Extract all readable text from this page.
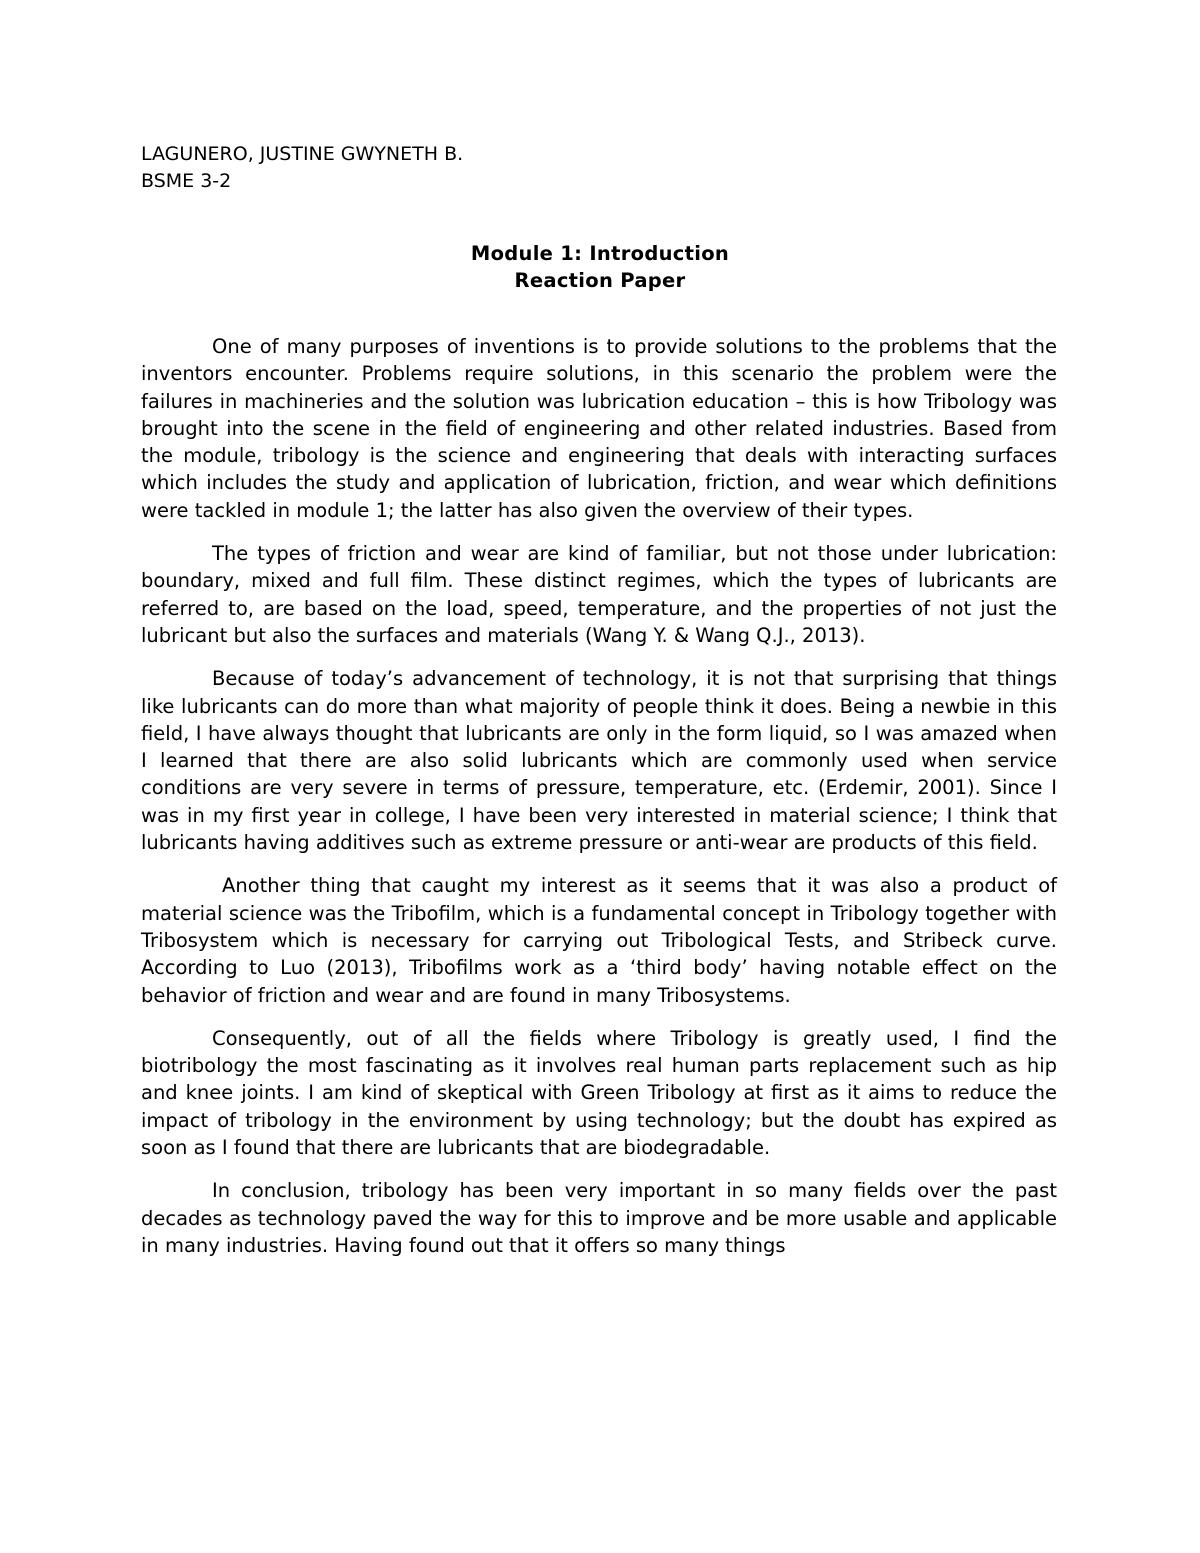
LAGUNERO, JUSTINE GWYNETH B.
BSME 3-2
Module 1: Introduction
Reaction Paper

One of many purposes of inventions is to provide solutions to the problems that the inventors encounter. Problems require solutions, in this scenario the problem were the failures in machineries and the solution was lubrication education – this is how Tribology was brought into the scene in the field of engineering and other related industries. Based from the module, tribology is the science and engineering that deals with interacting surfaces which includes the study and application of lubrication, friction, and wear which definitions were tackled in module 1; the latter has also given the overview of their types.

The types of friction and wear are kind of familiar, but not those under lubrication: boundary, mixed and full film. These distinct regimes, which the types of lubricants are referred to, are based on the load, speed, temperature, and the properties of not just the lubricant but also the surfaces and materials (Wang Y. & Wang Q.J., 2013).

Because of today’s advancement of technology, it is not that surprising that things like lubricants can do more than what majority of people think it does. Being a newbie in this field, I have always thought that lubricants are only in the form liquid, so I was amazed when I learned that there are also solid lubricants which are commonly used when service conditions are very severe in terms of pressure, temperature, etc. (Erdemir, 2001). Since I was in my first year in college, I have been very interested in material science; I think that lubricants having additives such as extreme pressure or anti-wear are products of this field.

Another thing that caught my interest as it seems that it was also a product of material science was the Tribofilm, which is a fundamental concept in Tribology together with Tribosystem which is necessary for carrying out Tribological Tests, and Stribeck curve. According to Luo (2013), Tribofilms work as a ‘third body’ having notable effect on the behavior of friction and wear and are found in many Tribosystems.

Consequently, out of all the fields where Tribology is greatly used, I find the biotribology the most fascinating as it involves real human parts replacement such as hip and knee joints. I am kind of skeptical with Green Tribology at first as it aims to reduce the impact of tribology in the environment by using technology; but the doubt has expired as soon as I found that there are lubricants that are biodegradable.

In conclusion, tribology has been very important in so many fields over the past decades as technology paved the way for this to improve and be more usable and applicable in many industries. Having found out that it offers so many things
